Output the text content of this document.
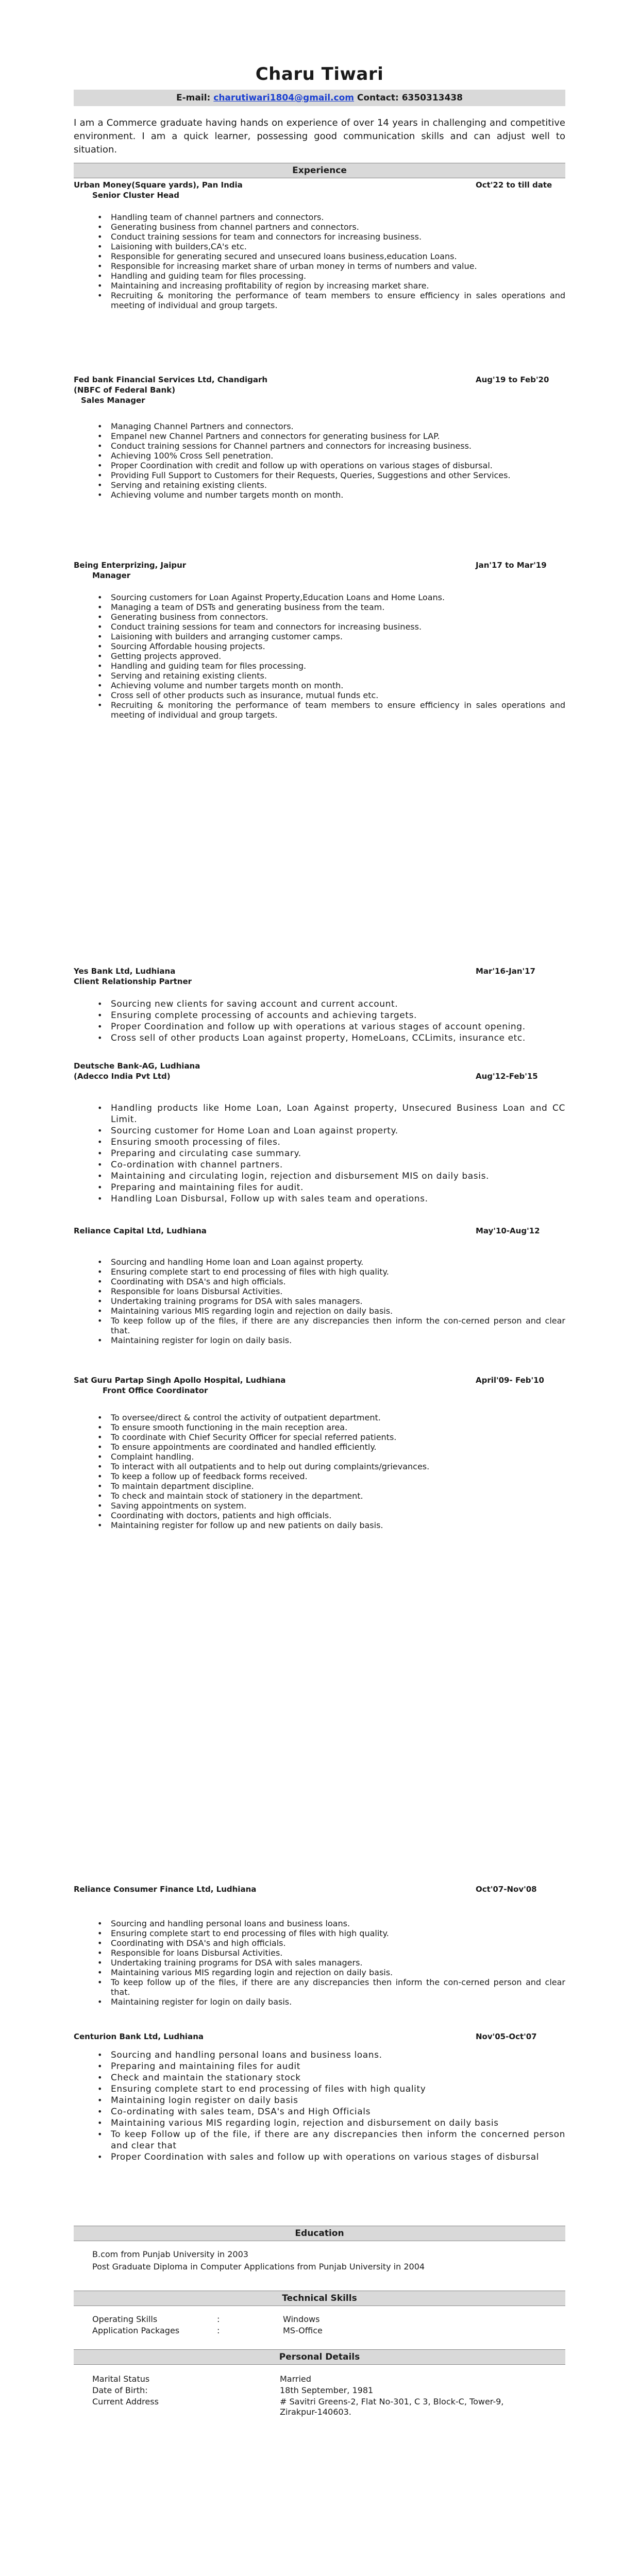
Charu Tiwari
E-mail: charutiwari1804@gmail.com Contact: 6350313438
I am a Commerce graduate having hands on experience of over 14 years in challenging and competitive environment. I am a quick learner, possessing good communication skills and can adjust well to situation.
Experience
Urban Money(Square yards), Pan India	Oct'22 to till date
Senior Cluster Head
• Handling team of channel partners and connectors.
• Generating business from channel partners and connectors.
• Conduct training sessions for team and connectors for increasing business.
• Laisioning with builders,CA's etc.
• Responsible for generating secured and unsecured loans business,education Loans.
• Responsible for increasing market share of urban money in terms of numbers and value.
• Handling and guiding team for files processing.
• Maintaining and increasing profitability of region by increasing market share.
• Recruiting & monitoring the performance of team members to ensure efficiency in sales operations and meeting of individual and group targets.
Fed bank Financial Services Ltd, Chandigarh
(NBFC of Federal Bank)
Aug'19 to Feb'20
Sales Manager
• Managing Channel Partners and connectors.
• Empanel new Channel Partners and connectors for generating business for LAP.
• Conduct training sessions for Channel partners and connectors for increasing business.
• Achieving 100% Cross Sell penetration.
• Proper Coordination with credit and follow up with operations on various stages of disbursal.
• Providing Full Support to Customers for their Requests, Queries, Suggestions and other Services.
• Serving and retaining existing clients.
• Achieving volume and number targets month on month.
Being Enterprizing, Jaipur	Jan'17 to Mar'19
Manager
• Sourcing customers for Loan Against Property,Education Loans and Home Loans.
• Managing a team of DSTs and generating business from the team.
• Generating business from connectors.
• Conduct training sessions for team and connectors for increasing business.
• Laisioning with builders and arranging customer camps.
• Sourcing Affordable housing projects.
• Getting projects approved.
• Handling and guiding team for files processing.
• Serving and retaining existing clients.
• Achieving volume and number targets month on month.
• Cross sell of other products such as insurance, mutual funds etc.
• Recruiting & monitoring the performance of team members to ensure efficiency in sales operations and meeting of individual and group targets.
Yes Bank Ltd, Ludhiana	Mar'16-Jan'17
Client Relationship Partner
• Sourcing new clients for saving account and current account.
• Ensuring complete processing of accounts and achieving targets.
• Proper Coordination and follow up with operations at various stages of account opening.
• Cross sell of other products Loan against property, HomeLoans, CCLimits, insurance etc.
Deutsche Bank-AG, Ludhiana
(Adecco India Pvt Ltd)	Aug'12-Feb'15
• Handling products like Home Loan, Loan Against property, Unsecured Business Loan and CC Limit.
• Sourcing customer for Home Loan and Loan against property.
• Ensuring smooth processing of files.
• Preparing and circulating case summary.
• Co-ordination with channel partners.
• Maintaining and circulating login, rejection and disbursement MIS on daily basis.
• Preparing and maintaining files for audit.
• Handling Loan Disbursal, Follow up with sales team and operations.
Reliance Capital Ltd, Ludhiana	May'10-Aug'12
• Sourcing and handling Home loan and Loan against property.
• Ensuring complete start to end processing of files with high quality.
• Coordinating with DSA's and high officials.
• Responsible for loans Disbursal Activities.
• Undertaking training programs for DSA with sales managers.
• Maintaining various MIS regarding login and rejection on daily basis.
• To keep follow up of the files, if there are any discrepancies then inform the con-cerned person and clear that.
• Maintaining register for login on daily basis.
Sat Guru Partap Singh Apollo Hospital, Ludhiana	April'09- Feb'10
Front Office Coordinator
• To oversee/direct & control the activity of outpatient department.
• To ensure smooth functioning in the main reception area.
• To coordinate with Chief Security Officer for special referred patients.
• To ensure appointments are coordinated and handled efficiently.
• Complaint handling.
• To interact with all outpatients and to help out during complaints/grievances.
• To keep a follow up of feedback forms received.
• To maintain department discipline.
• To check and maintain stock of stationery in the department.
• Saving appointments on system.
• Coordinating with doctors, patients and high officials.
• Maintaining register for follow up and new patients on daily basis.
Reliance Consumer Finance Ltd, Ludhiana	Oct'07-Nov'08
• Sourcing and handling personal loans and business loans.
• Ensuring complete start to end processing of files with high quality.
• Coordinating with DSA's and high officials.
• Responsible for loans Disbursal Activities.
• Undertaking training programs for DSA with sales managers.
• Maintaining various MIS regarding login and rejection on daily basis.
• To keep follow up of the files, if there are any discrepancies then inform the con-cerned person and clear that.
• Maintaining register for login on daily basis.
Centurion Bank Ltd, Ludhiana	Nov'05-Oct'07
• Sourcing and handling personal loans and business loans.
• Preparing and maintaining files for audit
• Check and maintain the stationary stock
• Ensuring complete start to end processing of files with high quality
• Maintaining login register on daily basis
• Co-ordinating with sales team, DSA's and High Officials
• Maintaining various MIS regarding login, rejection and disbursement on daily basis
• To keep Follow up of the file, if there are any discrepancies then inform the concerned person and clear that
• Proper Coordination with sales and follow up with operations on various stages of disbursal
Education
B.com from Punjab University in 2003
Post Graduate Diploma in Computer Applications from Punjab University in 2004
Technical Skills
Operating Skills	:	Windows
Application Packages	:	MS-Office
Personal Details
Marital Status	Married
Date of Birth:	18th September, 1981
Current Address	# Savitri Greens-2, Flat No-301, C 3, Block-C, Tower-9, Zirakpur-140603.
